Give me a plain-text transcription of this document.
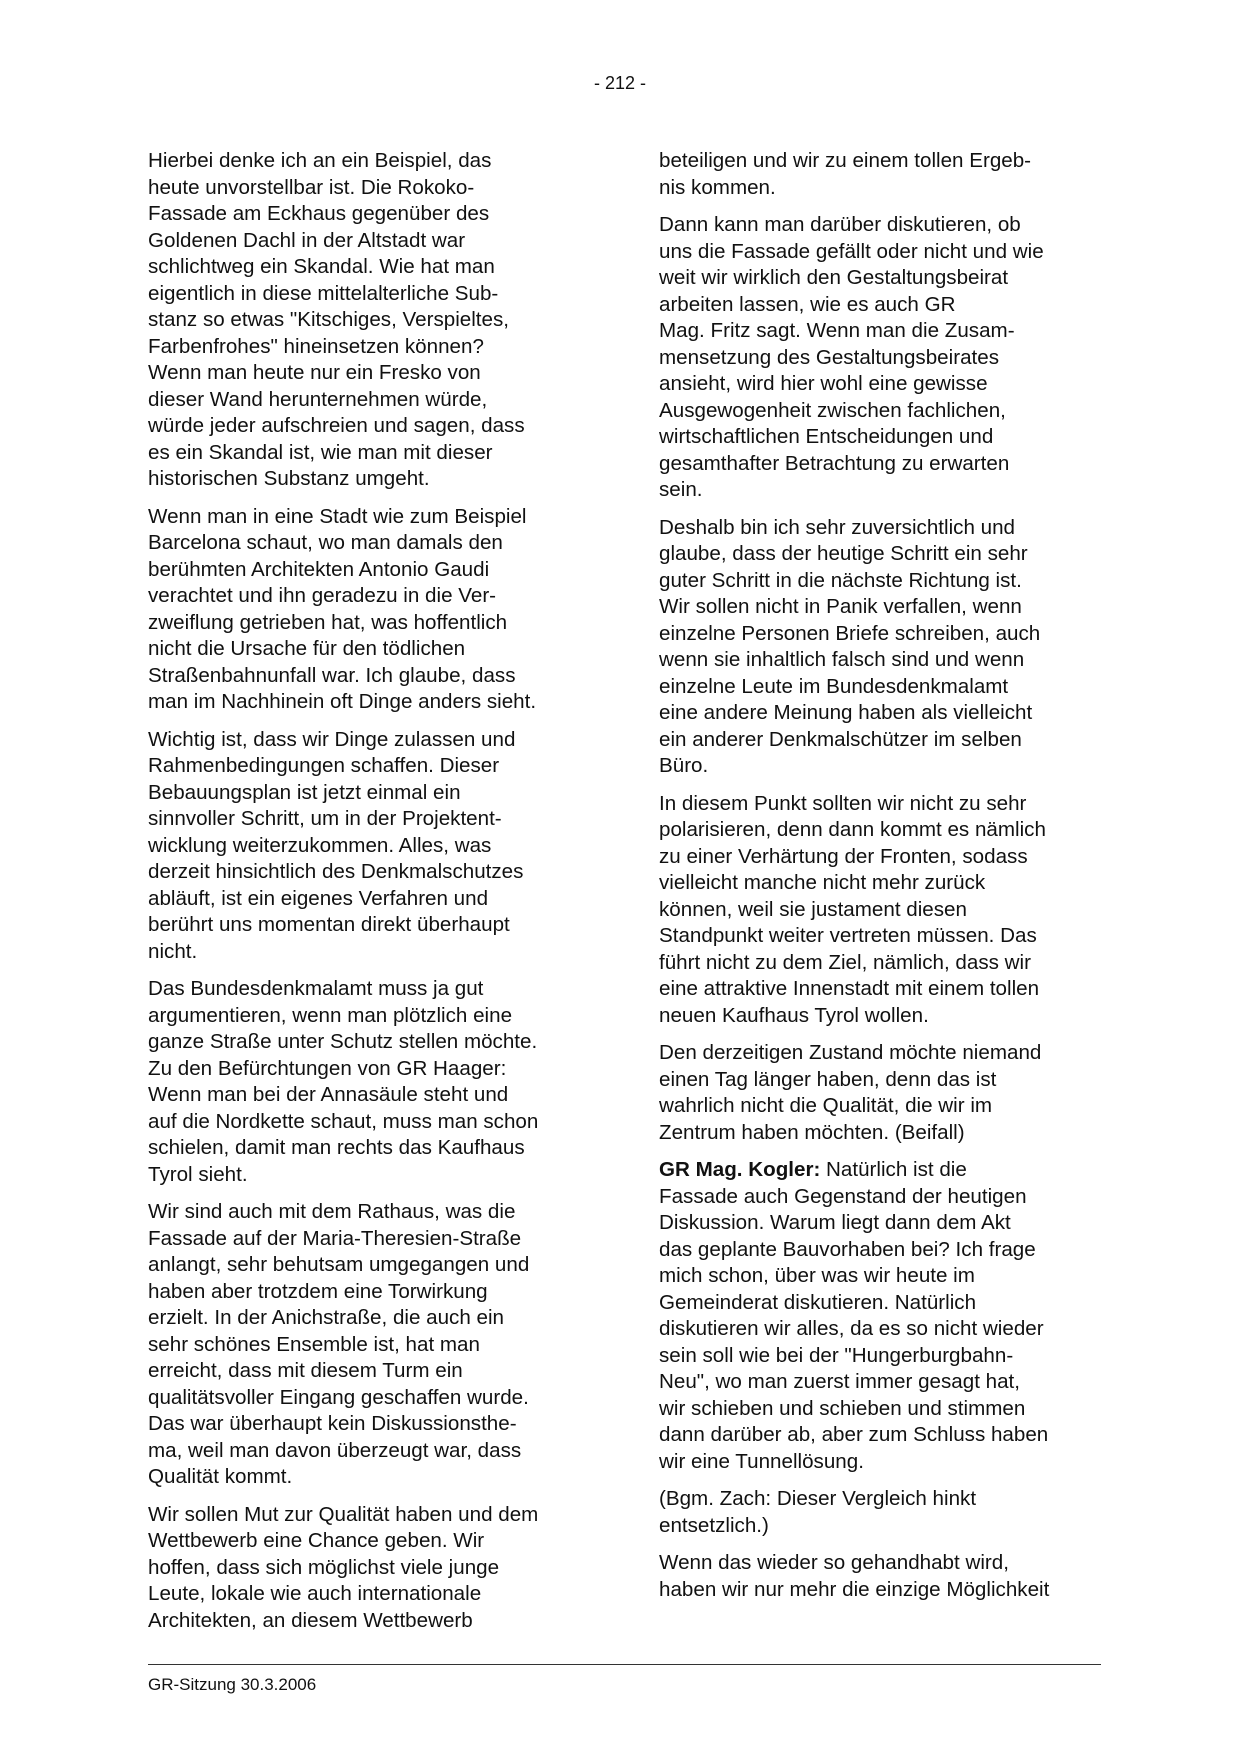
- 212 -

Hierbei denke ich an ein Beispiel, das
heute unvorstellbar ist. Die Rokoko-
Fassade am Eckhaus gegenüber des
Goldenen Dachl in der Altstadt war
schlichtweg ein Skandal. Wie hat man
eigentlich in diese mittelalterliche Sub-
stanz so etwas "Kitschiges, Verspieltes,
Farbenfrohes" hineinsetzen können?
Wenn man heute nur ein Fresko von
dieser Wand herunternehmen würde,
würde jeder aufschreien und sagen, dass
es ein Skandal ist, wie man mit dieser
historischen Substanz umgeht.

Wenn man in eine Stadt wie zum Beispiel
Barcelona schaut, wo man damals den
berühmten Architekten Antonio Gaudi
verachtet und ihn geradezu in die Ver-
zweiflung getrieben hat, was hoffentlich
nicht die Ursache für den tödlichen
Straßenbahnunfall war. Ich glaube, dass
man im Nachhinein oft Dinge anders sieht.

Wichtig ist, dass wir Dinge zulassen und
Rahmenbedingungen schaffen. Dieser
Bebauungsplan ist jetzt einmal ein
sinnvoller Schritt, um in der Projektent-
wicklung weiterzukommen. Alles, was
derzeit hinsichtlich des Denkmalschutzes
abläuft, ist ein eigenes Verfahren und
berührt uns momentan direkt überhaupt
nicht.

Das Bundesdenkmalamt muss ja gut
argumentieren, wenn man plötzlich eine
ganze Straße unter Schutz stellen möchte.
Zu den Befürchtungen von GR Haager:
Wenn man bei der Annasäule steht und
auf die Nordkette schaut, muss man schon
schielen, damit man rechts das Kaufhaus
Tyrol sieht.

Wir sind auch mit dem Rathaus, was die
Fassade auf der Maria-Theresien-Straße
anlangt, sehr behutsam umgegangen und
haben aber trotzdem eine Torwirkung
erzielt. In der Anichstraße, die auch ein
sehr schönes Ensemble ist, hat man
erreicht, dass mit diesem Turm ein
qualitätsvoller Eingang geschaffen wurde.
Das war überhaupt kein Diskussionsthe-
ma, weil man davon überzeugt war, dass
Qualität kommt.

Wir sollen Mut zur Qualität haben und dem
Wettbewerb eine Chance geben. Wir
hoffen, dass sich möglichst viele junge
Leute, lokale wie auch internationale
Architekten, an diesem Wettbewerb

beteiligen und wir zu einem tollen Ergeb-
nis kommen.

Dann kann man darüber diskutieren, ob
uns die Fassade gefällt oder nicht und wie
weit wir wirklich den Gestaltungsbeirat
arbeiten lassen, wie es auch GR
Mag. Fritz sagt. Wenn man die Zusam-
mensetzung des Gestaltungsbeirates
ansieht, wird hier wohl eine gewisse
Ausgewogenheit zwischen fachlichen,
wirtschaftlichen Entscheidungen und
gesamthafter Betrachtung zu erwarten
sein.

Deshalb bin ich sehr zuversichtlich und
glaube, dass der heutige Schritt ein sehr
guter Schritt in die nächste Richtung ist.
Wir sollen nicht in Panik verfallen, wenn
einzelne Personen Briefe schreiben, auch
wenn sie inhaltlich falsch sind und wenn
einzelne Leute im Bundesdenkmalamt
eine andere Meinung haben als vielleicht
ein anderer Denkmalschützer im selben
Büro.

In diesem Punkt sollten wir nicht zu sehr
polarisieren, denn dann kommt es nämlich
zu einer Verhärtung der Fronten, sodass
vielleicht manche nicht mehr zurück
können, weil sie justament diesen
Standpunkt weiter vertreten müssen. Das
führt nicht zu dem Ziel, nämlich, dass wir
eine attraktive Innenstadt mit einem tollen
neuen Kaufhaus Tyrol wollen.

Den derzeitigen Zustand möchte niemand
einen Tag länger haben, denn das ist
wahrlich nicht die Qualität, die wir im
Zentrum haben möchten. (Beifall)

GR Mag. Kogler: Natürlich ist die
Fassade auch Gegenstand der heutigen
Diskussion. Warum liegt dann dem Akt
das geplante Bauvorhaben bei? Ich frage
mich schon, über was wir heute im
Gemeinderat diskutieren. Natürlich
diskutieren wir alles, da es so nicht wieder
sein soll wie bei der "Hungerburgbahn-
Neu", wo man zuerst immer gesagt hat,
wir schieben und schieben und stimmen
dann darüber ab, aber zum Schluss haben
wir eine Tunnellösung.

(Bgm. Zach: Dieser Vergleich hinkt
entsetzlich.)

Wenn das wieder so gehandhabt wird,
haben wir nur mehr die einzige Möglichkeit

GR-Sitzung 30.3.2006
